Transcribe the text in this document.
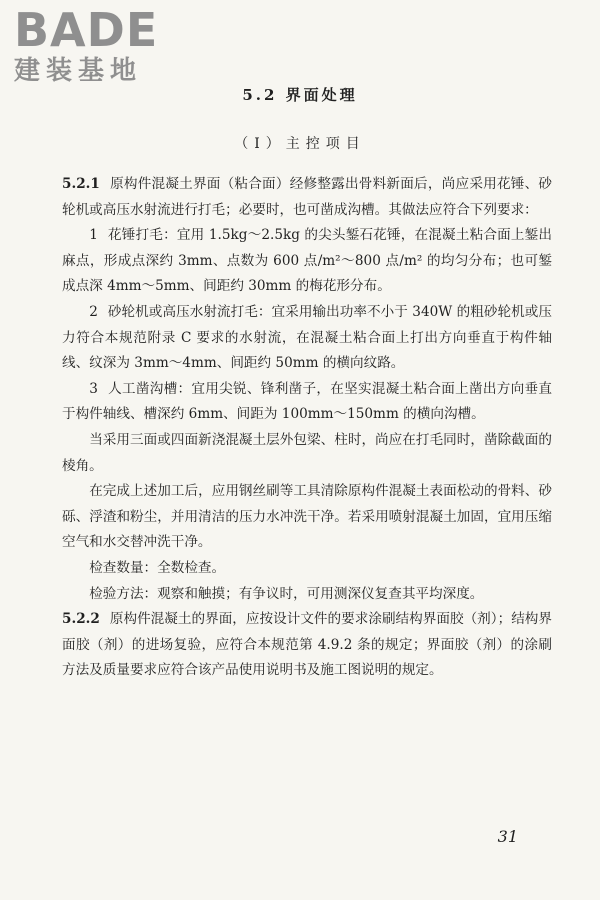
BADE
建装基地
5.2 界面处理
（Ⅰ）主控项目

5.2.1 原构件混凝土界面（粘合面）经修整露出骨料新面后，尚应采用花锤、砂轮机或高压水射流进行打毛；必要时，也可凿成沟槽。其做法应符合下列要求：

1 花锤打毛：宜用 1.5kg～2.5kg 的尖头錾石花锤，在混凝土粘合面上錾出麻点，形成点深约 3mm、点数为 600 点/m²～800 点/m² 的均匀分布；也可錾成点深 4mm～5mm、间距约 30mm 的梅花形分布。

2 砂轮机或高压水射流打毛：宜采用输出功率不小于 340W 的粗砂轮机或压力符合本规范附录 C 要求的水射流，在混凝土粘合面上打出方向垂直于构件轴线、纹深为 3mm～4mm、间距约 50mm 的横向纹路。

3 人工凿沟槽：宜用尖锐、锋利凿子，在坚实混凝土粘合面上凿出方向垂直于构件轴线、槽深约 6mm、间距为 100mm～150mm 的横向沟槽。

当采用三面或四面新浇混凝土层外包梁、柱时，尚应在打毛同时，凿除截面的棱角。

在完成上述加工后，应用钢丝刷等工具清除原构件混凝土表面松动的骨料、砂砾、浮渣和粉尘，并用清洁的压力水冲洗干净。若采用喷射混凝土加固，宜用压缩空气和水交替冲洗干净。

检查数量：全数检查。

检验方法：观察和触摸；有争议时，可用测深仪复查其平均深度。

5.2.2 原构件混凝土的界面，应按设计文件的要求涂刷结构界面胶（剂）；结构界面胶（剂）的进场复验，应符合本规范第 4.9.2 条的规定；界面胶（剂）的涂刷方法及质量要求应符合该产品使用说明书及施工图说明的规定。

31
